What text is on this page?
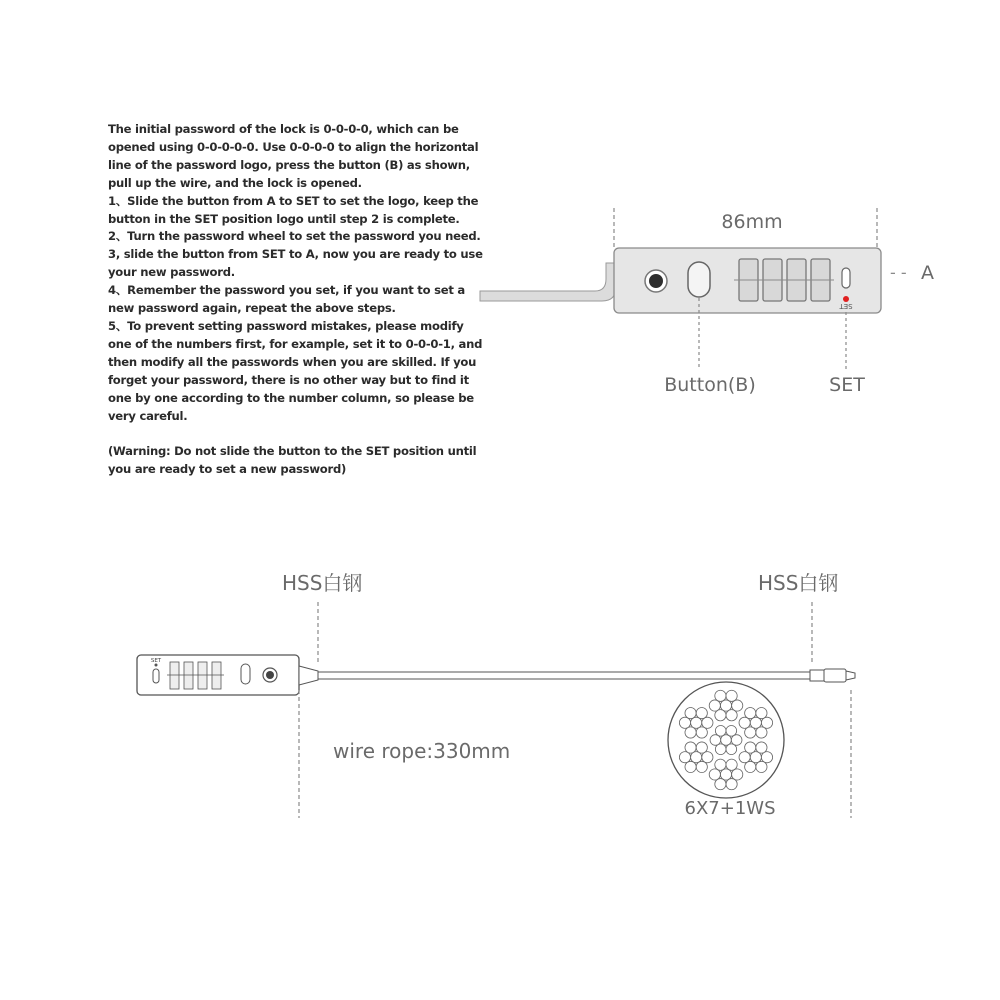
The initial password of the lock is 0-0-0-0, which can be
opened using 0-0-0-0-0. Use 0-0-0-0 to align the horizontal
line of the password logo, press the button (B) as shown,
pull up the wire, and the lock is opened.
1、Slide the button from A to SET to set the logo, keep the
button in the SET position logo until step 2 is complete.
2、Turn the password wheel to set the password you need.
3, slide the button from SET to A, now you are ready to use
your new password.
4、Remember the password you set, if you want to set a
new password again, repeat the above steps.
5、To prevent setting password mistakes, please modify
one of the numbers first, for example, set it to 0-0-0-1, and
then modify all the passwords when you are skilled. If you
forget your password, there is no other way but to find it
one by one according to the number column, so please be
very careful.
(Warning: Do not slide the button to the SET position until
you are ready to set a new password)
86mm
SET
- - A
Button(B)	SET
HSS白钢	HSS白钢
SET
wire rope:330mm
6X7+1WS
